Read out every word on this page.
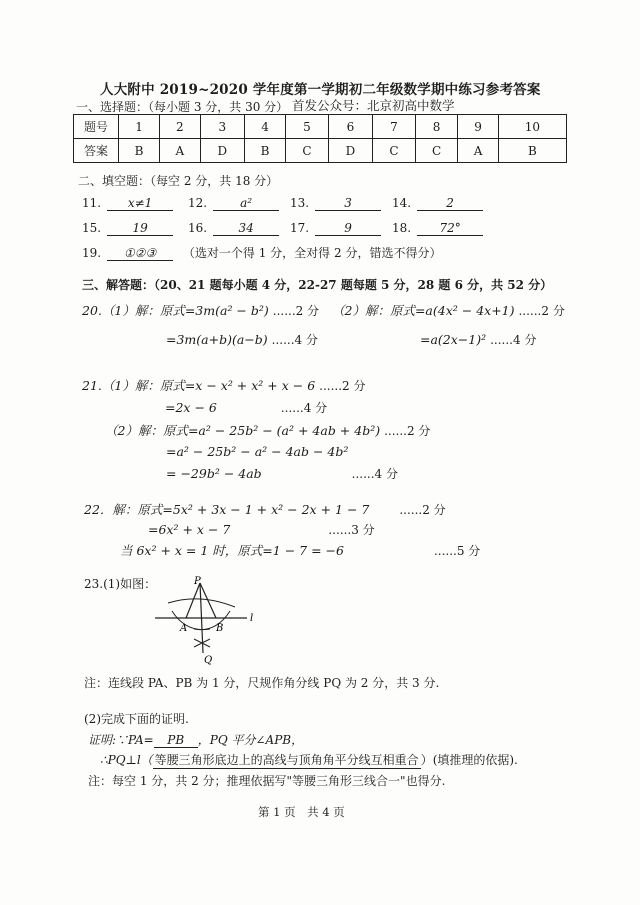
人大附中 2019~2020 学年度第一学期初二年级数学期中练习参考答案
一、选择题：（每小题 3 分，共 30 分） 首发公众号：北京初高中数学
题号	1	2	3	4	5	6	7	8	9	10
答案	B	A	D	B	C	D	C	C	A	B
二、填空题：（每空 2 分，共 18 分）
11. x≠1	12.	a²	13.	3	14.	2
15.	19	16.	34	17.	9	18. 72°
19. ①②③ （选对一个得 1 分，全对得 2 分，错选不得分）
三、解答题：（20、21 题每小题 4 分，22-27 题每题 5 分，28 题 6 分，共 52 分）
20.（1）解：原式=3m(a² − b²) ......2 分 （2）解：原式=a(4x² − 4x+1) ......2 分
=3m(a+b)(a−b) ......4 分	=a(2x−1)² ......4 分
21.（1）解：原式=x − x² + x² + x − 6 ......2 分
=2x − 6	......4 分
（2）解：原式=a² − 25b² − (a² + 4ab + 4b²) ......2 分
=a² − 25b² − a² − 4ab − 4b²
= −29b² − 4ab	......4 分
22．解：原式=5x² + 3x − 1 + x² − 2x + 1 − 7 ......2 分
=6x² + x − 7	......3 分
当 6x² + x = 1 时，原式=1 − 7 = −6	......5 分
23.(1)如图：	P
A	B
l
Q
注：连线段 PA、PB 为 1 分，尺规作角分线 PQ 为 2 分，共 3 分.
(2)完成下面的证明.
证明:∵PA= PB ，PQ 平分∠APB，
∴PQ⊥l（ 等腰三角形底边上的高线与顶角角平分线互相重合 ）(填推理的依据).
注：每空 1 分，共 2 分；推理依据写"等腰三角形三线合一"也得分.
第 1 页　共 4 页
